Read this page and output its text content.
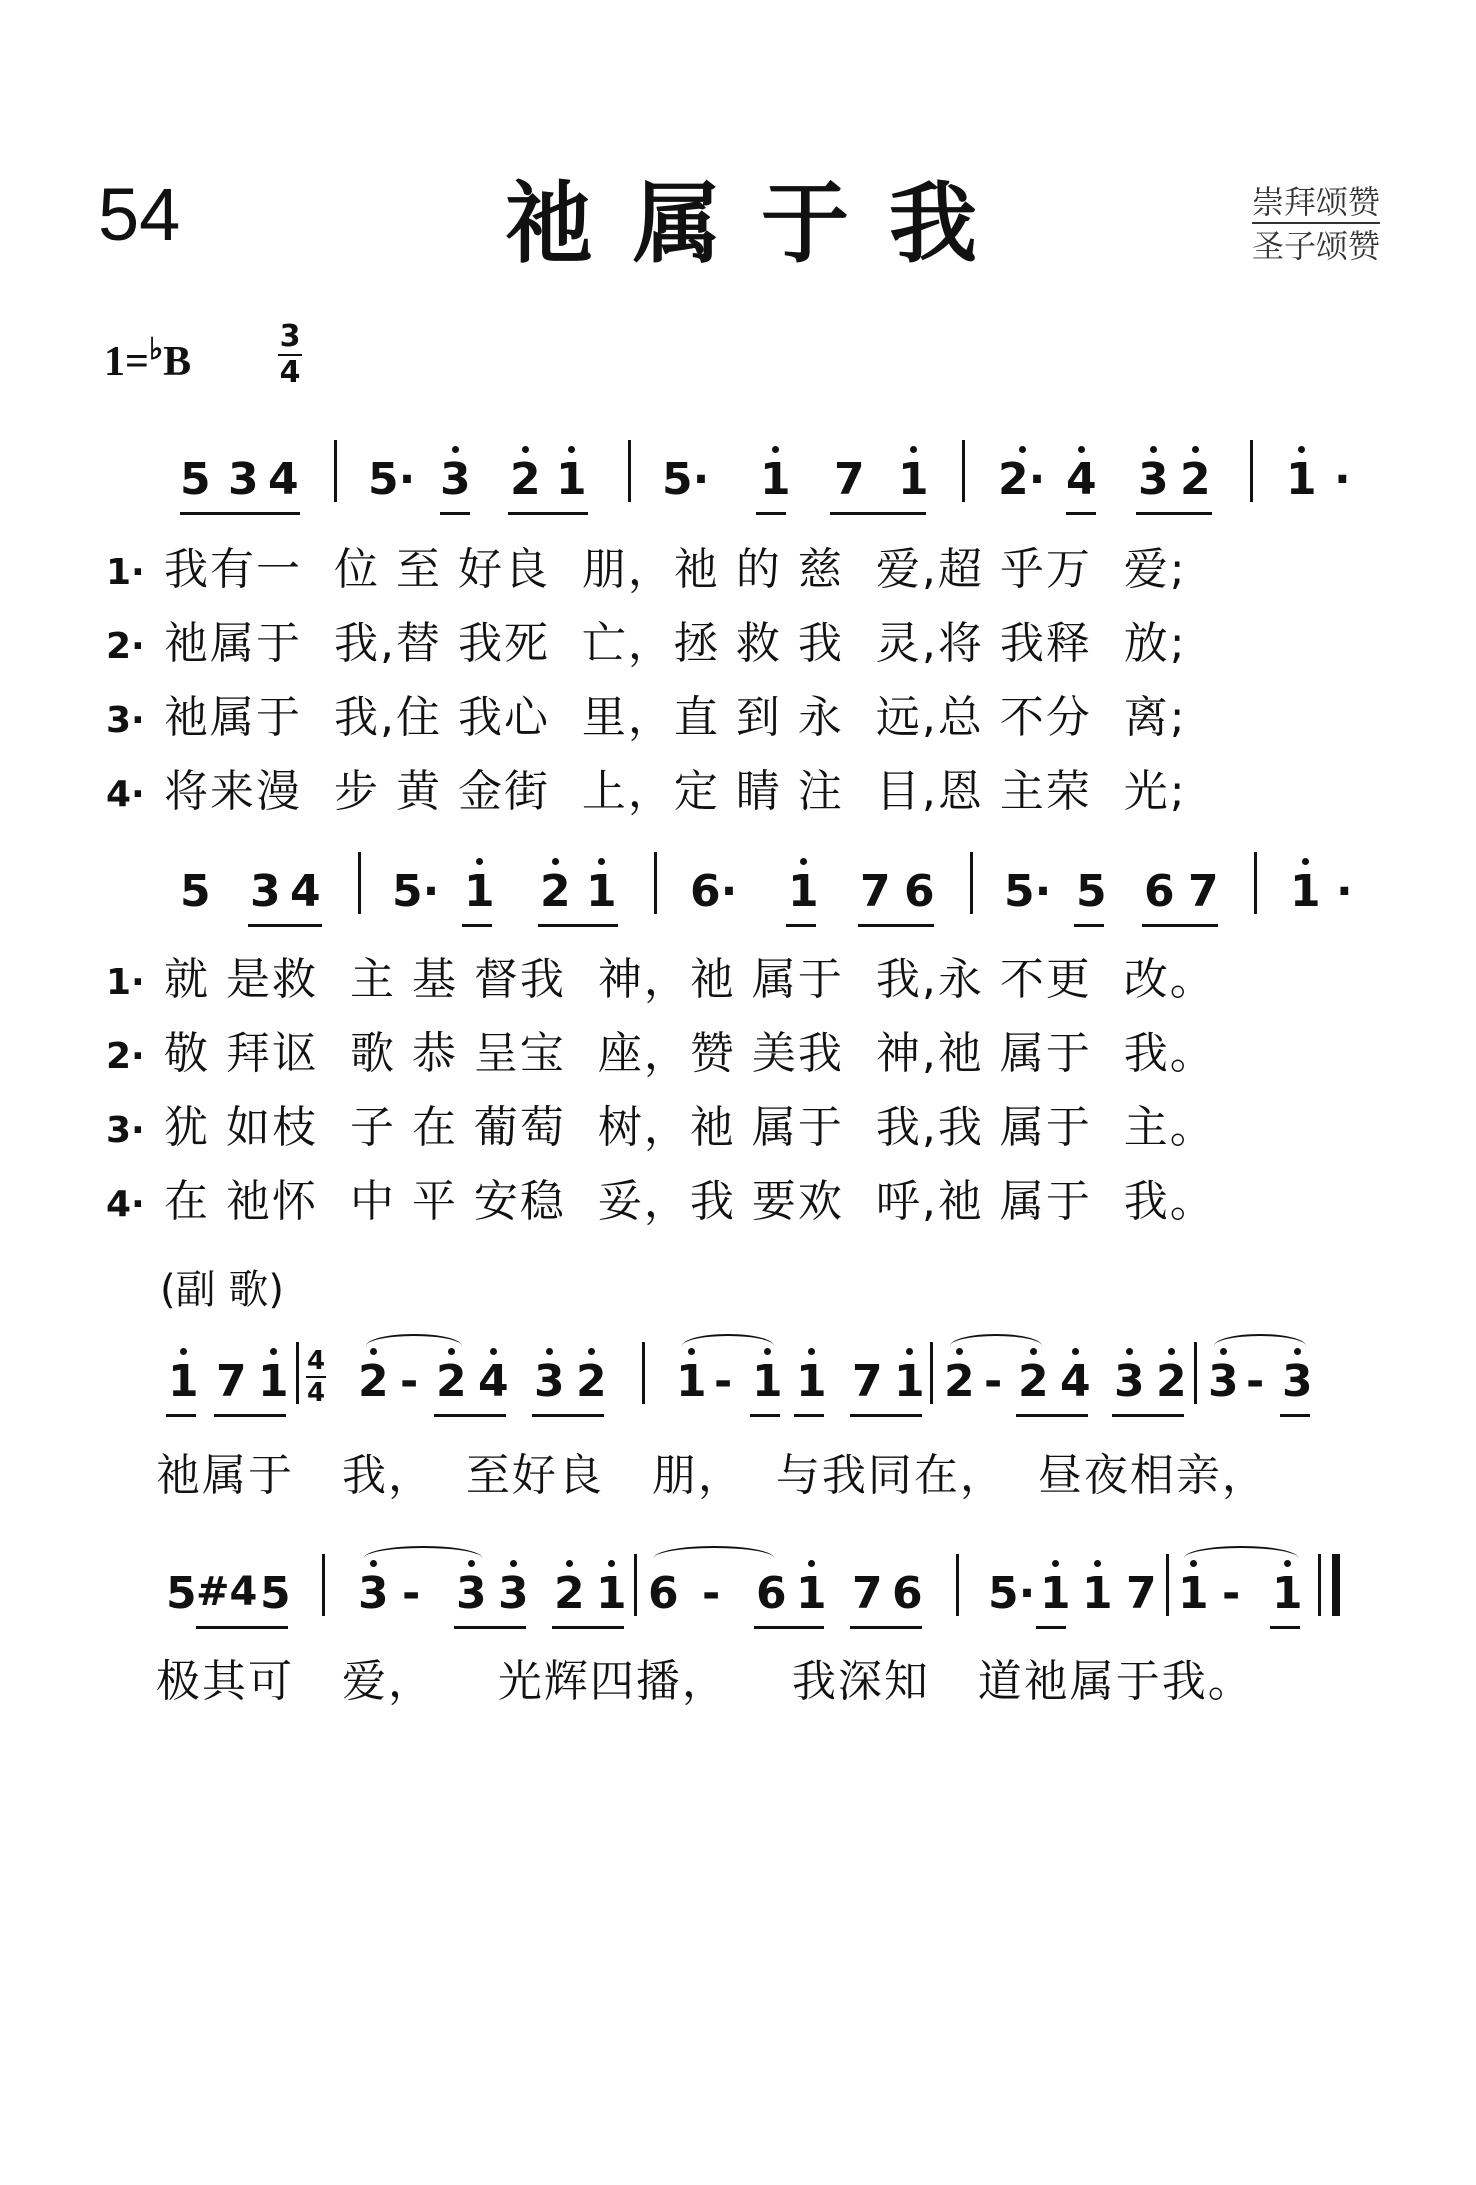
54	祂属于我	崇拜颂赞
圣子颂赞
1=♭B
3
4
5 3 4 5· 3 2 1 5· 1 7 1 2· 4 3 2 1 ·
1· 我有一  位 至 好良  朋，祂 的 慈  爱,超 乎万  爱;
2· 祂属于  我,替 我死  亡，拯 救 我  灵,将 我释  放;
3· 祂属于  我,住 我心  里，直 到 永  远,总 不分  离;
4· 将来漫  步 黄 金街  上，定 睛 注  目,恩 主荣  光;
5 3 4 5· 1 2 1 6· 1 7 6 5· 5 6 7 1 ·
1· 就 是救  主 基 督我  神，祂 属于  我,永 不更  改。
2· 敬 拜讴  歌 恭 呈宝  座，赞 美我  神,祂 属于  我。
3· 犹 如枝  子 在 葡萄  树，祂 属于  我,我 属于  主。
4· 在 祂怀  中 平 安稳  妥，我 要欢  呼,祂 属于  我。
(副 歌)
1 7 1 4
4 2 - 2 4 3 2 1 - 1 1 7 1 2 - 2 4 3 2 3 - 3
祂属于   我，  至好良   朋，  与我同在，  昼夜相亲，
5 #4 5 3 - 3 3 2 1 6 - 6 1 7 6 5· 1 1 7 1 - 1
极其可   爱，    光辉四播，    我深知   道祂属于我。
